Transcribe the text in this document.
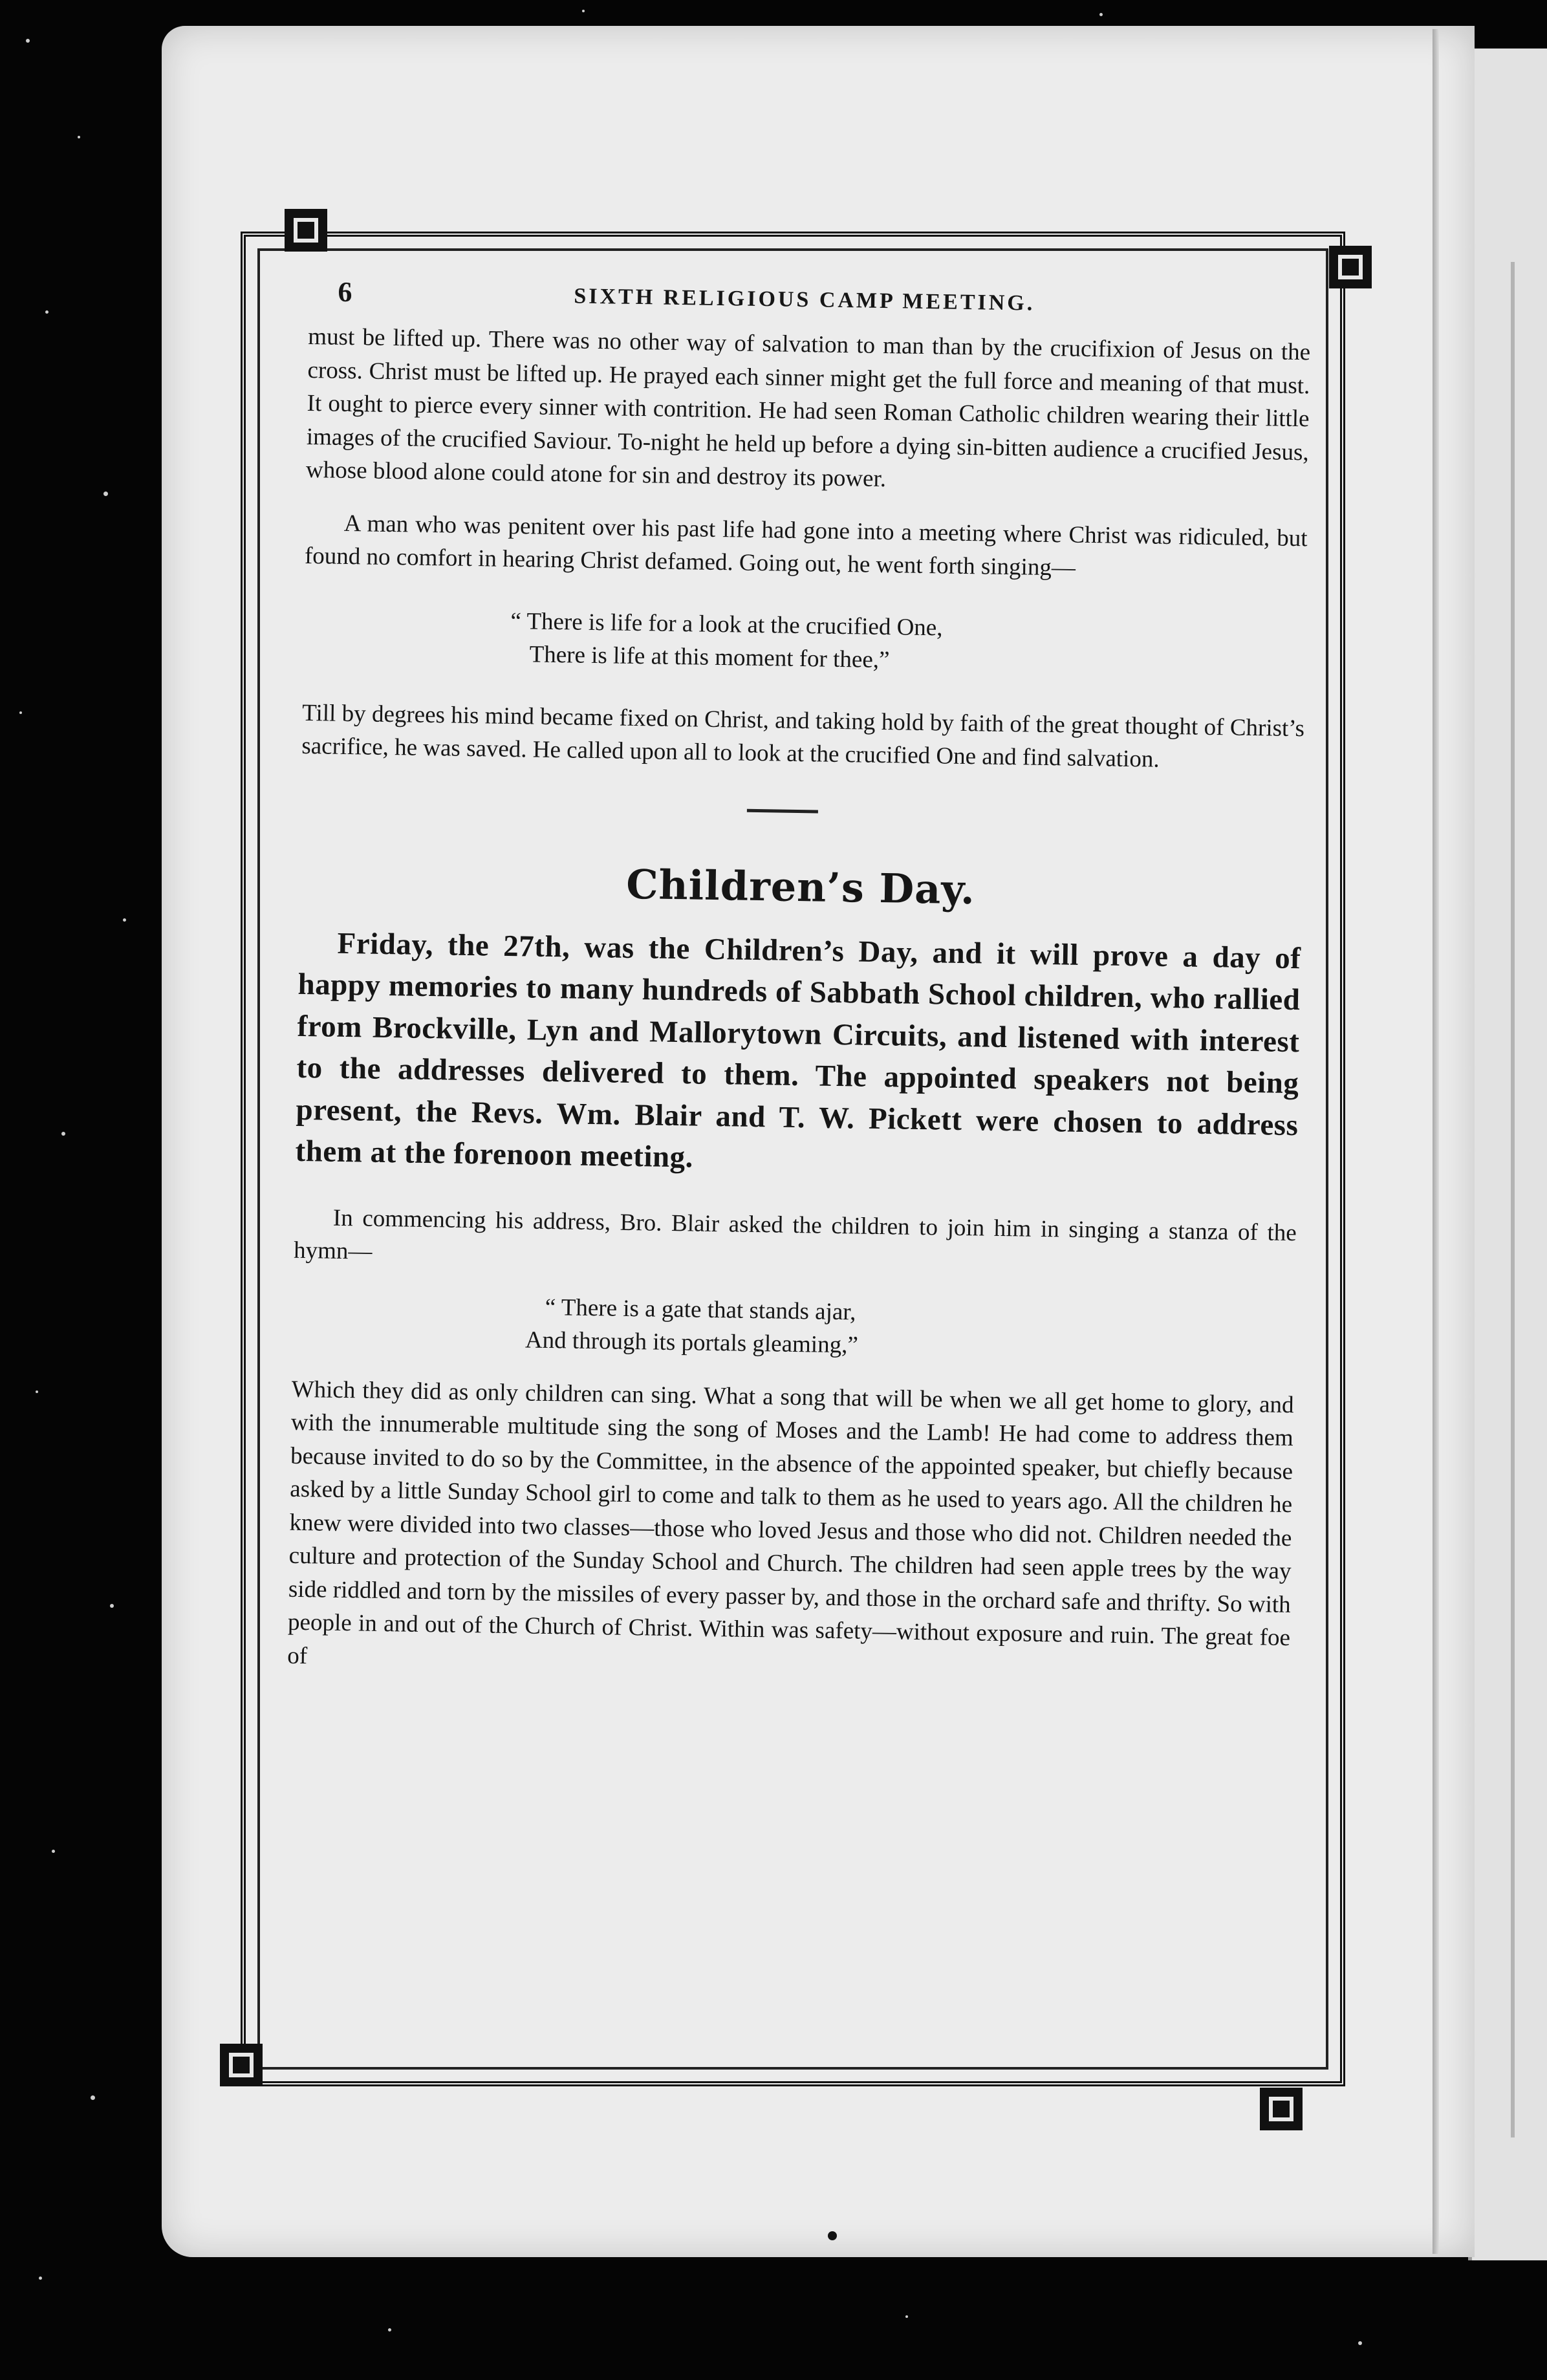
6	SIXTH RELIGIOUS CAMP MEETING.

must be lifted up. There was no other way of salvation to man than by the crucifixion of Jesus on the cross. Christ must be lifted up. He prayed each sinner might get the full force and meaning of that must. It ought to pierce every sinner with contrition. He had seen Roman Catholic children wearing their little images of the crucified Saviour. To-night he held up before a dying sin-bitten audience a crucified Jesus, whose blood alone could atone for sin and destroy its power.

A man who was penitent over his past life had gone into a meeting where Christ was ridiculed, but found no comfort in hearing Christ defamed. Going out, he went forth singing—

“ There is life for a look at the crucified One,
There is life at this moment for thee,”

Till by degrees his mind became fixed on Christ, and taking hold by faith of the great thought of Christ’s sacrifice, he was saved. He called upon all to look at the crucified One and find salvation.

Children’s Day.

Friday, the 27th, was the Children’s Day, and it will prove a day of happy memories to many hundreds of Sabbath School children, who rallied from Brockville, Lyn and Mallorytown Circuits, and listened with interest to the addresses delivered to them. The appointed speakers not being present, the Revs. Wm. Blair and T. W. Pickett were chosen to address them at the forenoon meeting.

In commencing his address, Bro. Blair asked the children to join him in singing a stanza of the hymn—

“ There is a gate that stands ajar,
And through its portals gleaming,”

Which they did as only children can sing. What a song that will be when we all get home to glory, and with the innumerable multitude sing the song of Moses and the Lamb! He had come to address them because invited to do so by the Committee, in the absence of the appointed speaker, but chiefly because asked by a little Sunday School girl to come and talk to them as he used to years ago. All the children he knew were divided into two classes—those who loved Jesus and those who did not. Children needed the culture and protection of the Sunday School and Church. The children had seen apple trees by the way side riddled and torn by the missiles of every passer by, and those in the orchard safe and thrifty. So with people in and out of the Church of Christ. Within was safety—without exposure and ruin. The great foe of
